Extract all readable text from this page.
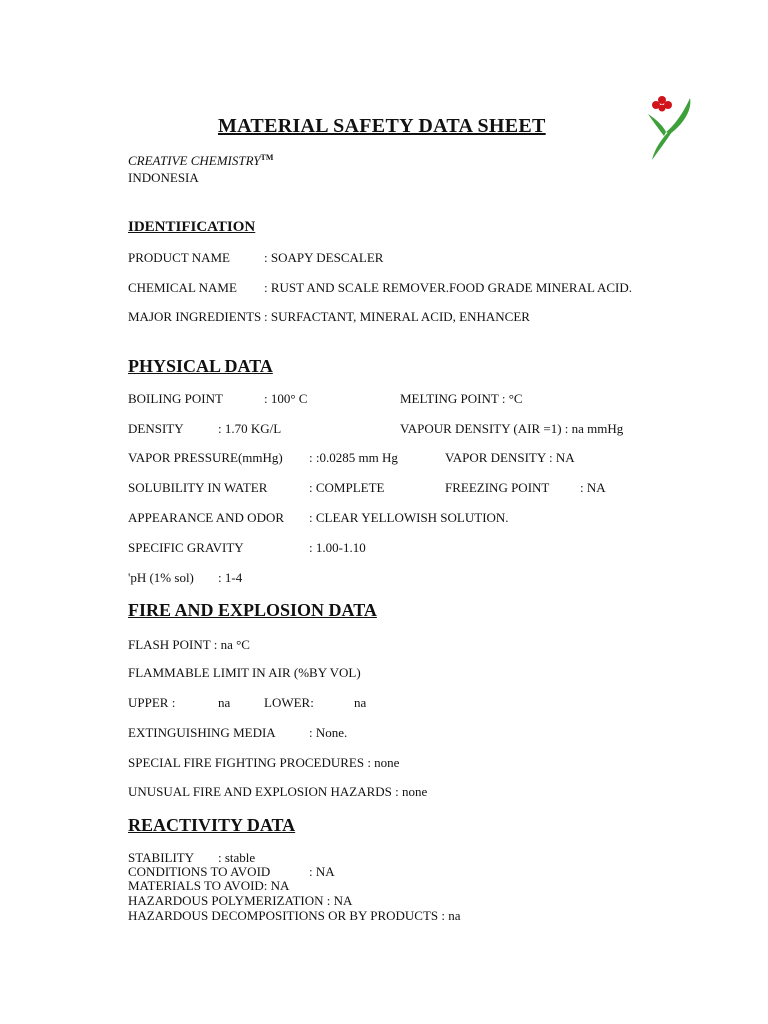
MATERIAL SAFETY DATA SHEET
CREATIVE CHEMISTRY™
INDONESIA
IDENTIFICATION
PRODUCT NAME	: SOAPY DESCALER
CHEMICAL NAME : RUST AND SCALE REMOVER.FOOD GRADE MINERAL ACID.
MAJOR INGREDIENTS : SURFACTANT, MINERAL ACID, ENHANCER
PHYSICAL DATA
BOILING POINT	: 100° C	MELTING POINT : °C
DENSITY	: 1.70 KG/L	VAPOUR DENSITY (AIR =1) : na mmHg
VAPOR PRESSURE(mmHg) : :0.0285 mm Hg	VAPOR DENSITY : NA
SOLUBILITY IN WATER	: COMPLETE	FREEZING POINT : NA
APPEARANCE AND ODOR : CLEAR YELLOWISH SOLUTION.
SPECIFIC GRAVITY	: 1.00-1.10
'pH (1% sol) : 1-4
FIRE AND EXPLOSION DATA
FLASH POINT : na °C
FLAMMABLE LIMIT IN AIR (%BY VOL)
UPPER :	na	LOWER:	na
EXTINGUISHING MEDIA	: None.
SPECIAL FIRE FIGHTING PROCEDURES : none
UNUSUAL FIRE AND EXPLOSION HAZARDS : none
REACTIVITY DATA
STABILITY : stable
CONDITIONS TO AVOID	: NA
MATERIALS TO AVOID: NA
HAZARDOUS POLYMERIZATION : NA
HAZARDOUS DECOMPOSITIONS OR BY PRODUCTS : na
